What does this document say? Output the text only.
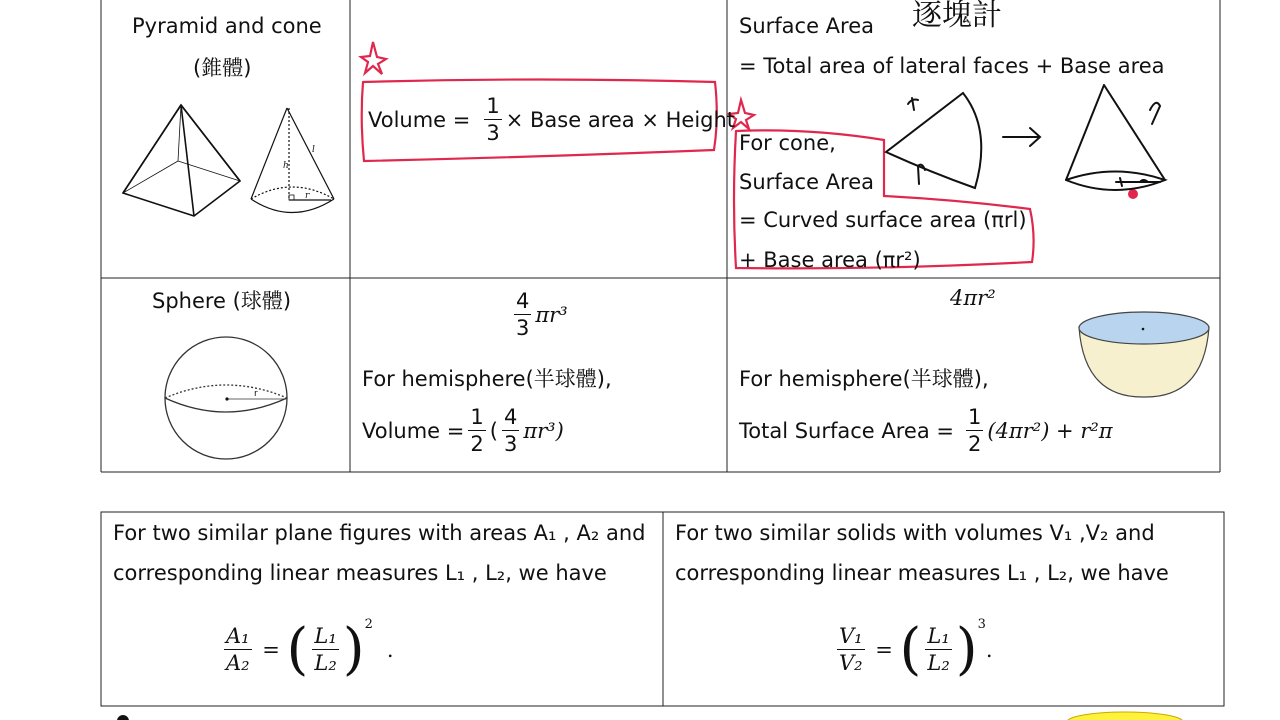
h
l
r
r
Pyramid and cone
(錐體)
Volume = $\frac{1}{3}$ × Base area × Height
逐塊計
Surface Area
= Total area of lateral faces + Base area
For cone,
Surface Area
= Curved surface area (πrl)
+ Base area (πr²)
Sphere (球體)	$\frac{4}{3} \pi r^3$
For hemisphere(半球體),
Volume = $\frac{1}{2}$ ( $\frac{4}{3} \pi r^3$)
4πr²
For hemisphere(半球體),
Total Surface Area = $\frac{1}{2} (4\pi r^2) + r^2\pi$
For two similar plane figures with areas A₁ , A₂ and
corresponding linear measures L₁ , L₂, we have
$\frac{\text{A₁}}{\text{A₂}}$ = ( $\frac{\text{L₁}}{\text{L₂}} )^2$
.
For two similar solids with volumes V₁ ,V₂ and
corresponding linear measures L₁ , L₂, we have
$\frac{\text{V₁}}{\text{V₂}}$ = ( $\frac{\text{L₁}}{\text{L₂}} )^3$
.
